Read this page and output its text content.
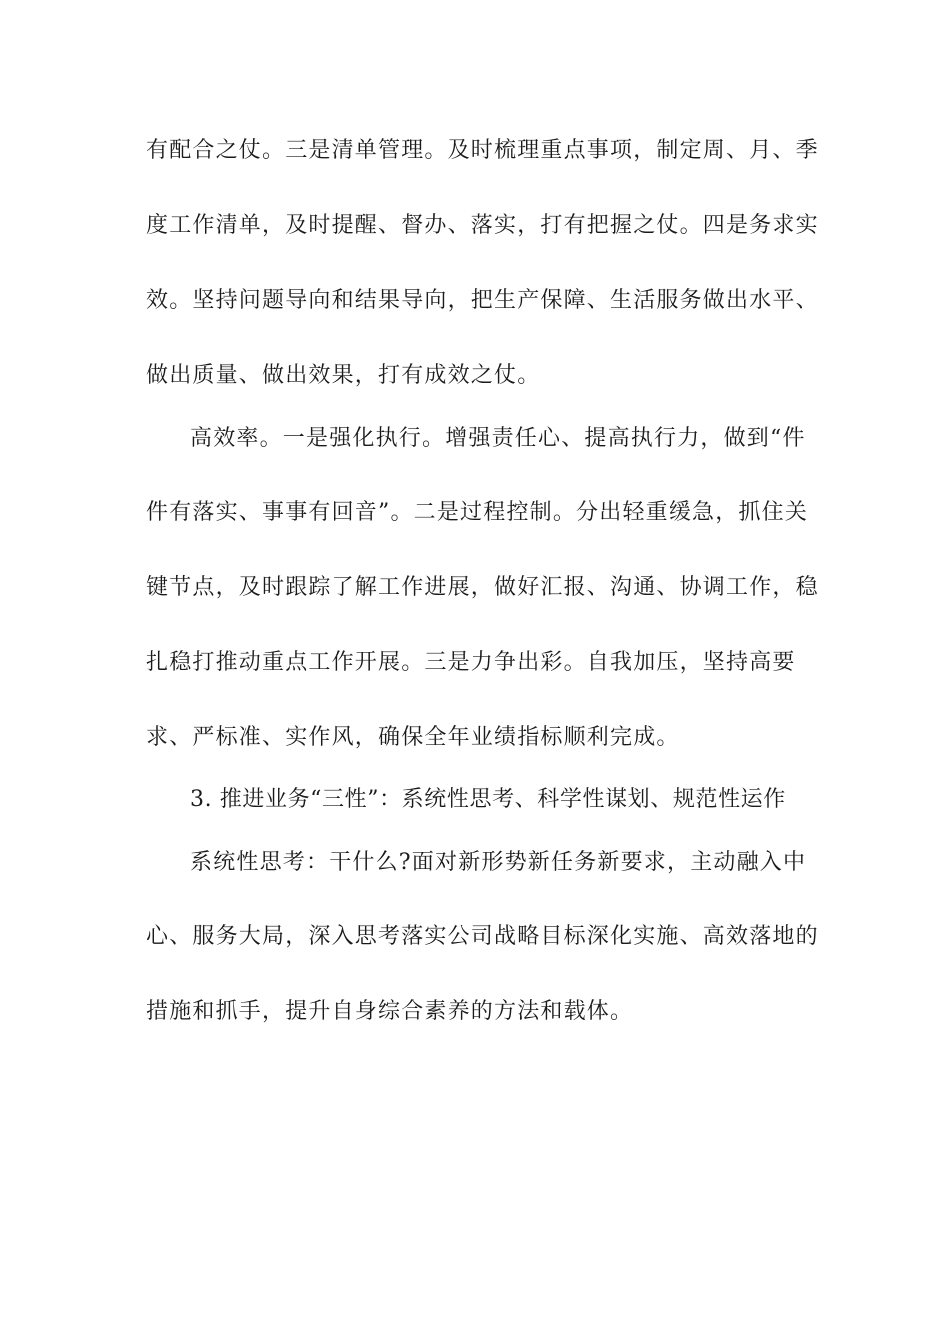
有配合之仗。三是清单管理。及时梳理重点事项，制定周、月、季
度工作清单，及时提醒、督办、落实，打有把握之仗。四是务求实
效。坚持问题导向和结果导向，把生产保障、生活服务做出水平、
做出质量、做出效果，打有成效之仗。
高效率。一是强化执行。增强责任心、提高执行力，做到“件
件有落实、事事有回音”。二是过程控制。分出轻重缓急，抓住关
键节点，及时跟踪了解工作进展，做好汇报、沟通、协调工作，稳
扎稳打推动重点工作开展。三是力争出彩。自我加压，坚持高要
求、严标准、实作风，确保全年业绩指标顺利完成。
3. 推进业务“三性”：系统性思考、科学性谋划、规范性运作
系统性思考：干什么?面对新形势新任务新要求，主动融入中
心、服务大局，深入思考落实公司战略目标深化实施、高效落地的
措施和抓手，提升自身综合素养的方法和载体。
